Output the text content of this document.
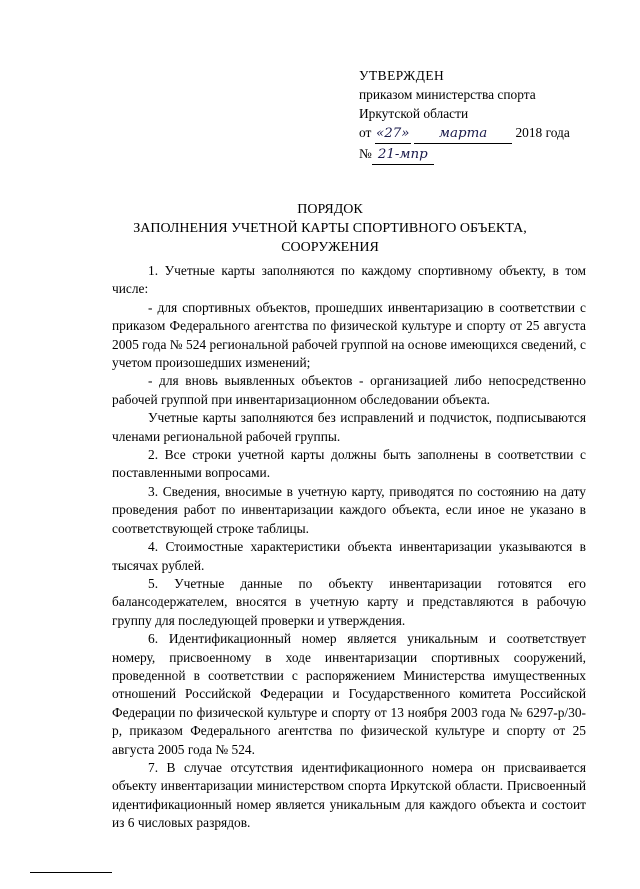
УТВЕРЖДЕН
приказом министерства спорта
Иркутской области
от «27» марта 2018 года
№ 21-мпр
ПОРЯДОК
ЗАПОЛНЕНИЯ УЧЕТНОЙ КАРТЫ СПОРТИВНОГО ОБЪЕКТА,
СООРУЖЕНИЯ

1. Учетные карты заполняются по каждому спортивному объекту, в том числе:

- для спортивных объектов, прошедших инвентаризацию в соответствии с приказом Федерального агентства по физической культуре и спорту от 25 августа 2005 года № 524 региональной рабочей группой на основе имеющихся сведений, с учетом произошедших изменений;

- для вновь выявленных объектов - организацией либо непосредственно рабочей группой при инвентаризационном обследовании объекта.

Учетные карты заполняются без исправлений и подчисток, подписываются членами региональной рабочей группы.

2. Все строки учетной карты должны быть заполнены в соответствии с поставленными вопросами.

3. Сведения, вносимые в учетную карту, приводятся по состоянию на дату проведения работ по инвентаризации каждого объекта, если иное не указано в соответствующей строке таблицы.

4. Стоимостные характеристики объекта инвентаризации указываются в тысячах рублей.

5. Учетные данные по объекту инвентаризации готовятся его балансодержателем, вносятся в учетную карту и представляются в рабочую группу для последующей проверки и утверждения.

6. Идентификационный номер является уникальным и соответствует номеру, присвоенному в ходе инвентаризации спортивных сооружений, проведенной в соответствии с распоряжением Министерства имущественных отношений Российской Федерации и Государственного комитета Российской Федерации по физической культуре и спорту от 13 ноября 2003 года № 6297-р/30-р, приказом Федерального агентства по физической культуре и спорту от 25 августа 2005 года № 524.

7. В случае отсутствия идентификационного номера он присваивается объекту инвентаризации министерством спорта Иркутской области. Присвоенный идентификационный номер является уникальным для каждого объекта и состоит из 6 числовых разрядов.
